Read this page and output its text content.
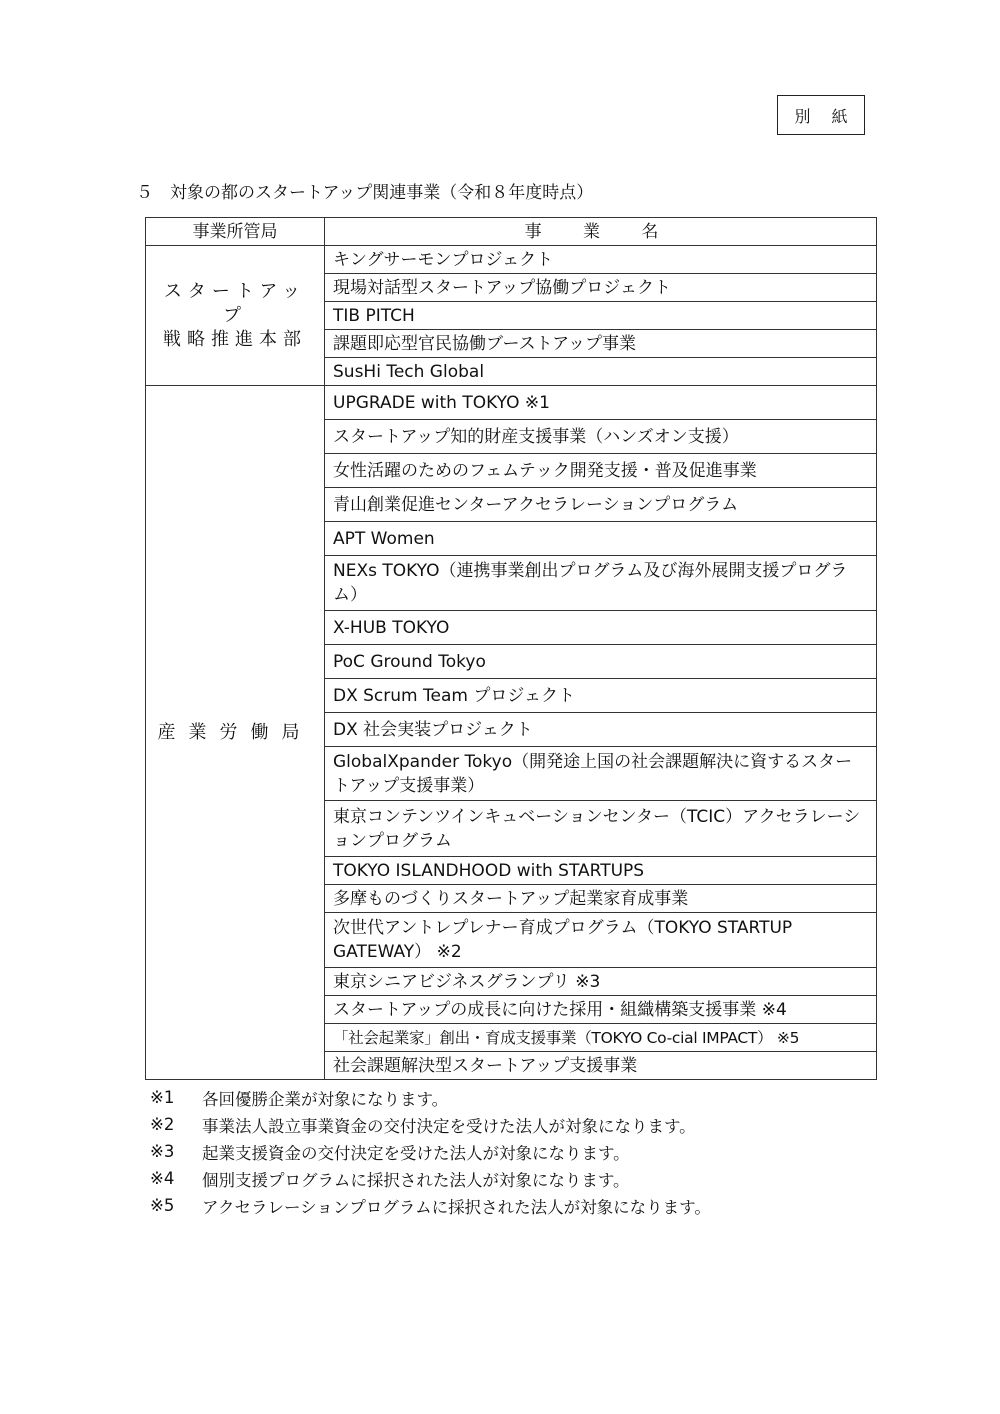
別 紙
５　対象の都のスタートアップ関連事業（令和８年度時点）
事業所管局	事 業 名

スタートアップ
戦略推進本部	キングサーモンプロジェクト
	現場対話型スタートアップ協働プロジェクト
	TIB PITCH
	課題即応型官民協働ブーストアップ事業
	SusHi Tech Global

産業労働局	UPGRADE with TOKYO ※1
	スタートアップ知的財産支援事業（ハンズオン支援）
	女性活躍のためのフェムテック開発支援・普及促進事業
	青山創業促進センターアクセラレーションプログラム
	APT Women
	NEXs TOKYO（連携事業創出プログラム及び海外展開支援プログラム）
	X-HUB TOKYO
	PoC Ground Tokyo
	DX Scrum Team プロジェクト
	DX 社会実装プロジェクト
	GlobalXpander Tokyo（開発途上国の社会課題解決に資するスタートアップ支援事業）
	東京コンテンツインキュベーションセンター（TCIC）アクセラレーションプログラム
	TOKYO ISLANDHOOD with STARTUPS
	多摩ものづくりスタートアップ起業家育成事業
	次世代アントレプレナー育成プログラム（TOKYO STARTUP GATEWAY） ※2
	東京シニアビジネスグランプリ ※3
	スタートアップの成長に向けた採用・組織構築支援事業 ※4
	「社会起業家」創出・育成支援事業（TOKYO Co-cial IMPACT） ※5
	社会課題解決型スタートアップ支援事業
※1	各回優勝企業が対象になります。
※2	事業法人設立事業資金の交付決定を受けた法人が対象になります。
※3	起業支援資金の交付決定を受けた法人が対象になります。
※4	個別支援プログラムに採択された法人が対象になります。
※5	アクセラレーションプログラムに採択された法人が対象になります。
